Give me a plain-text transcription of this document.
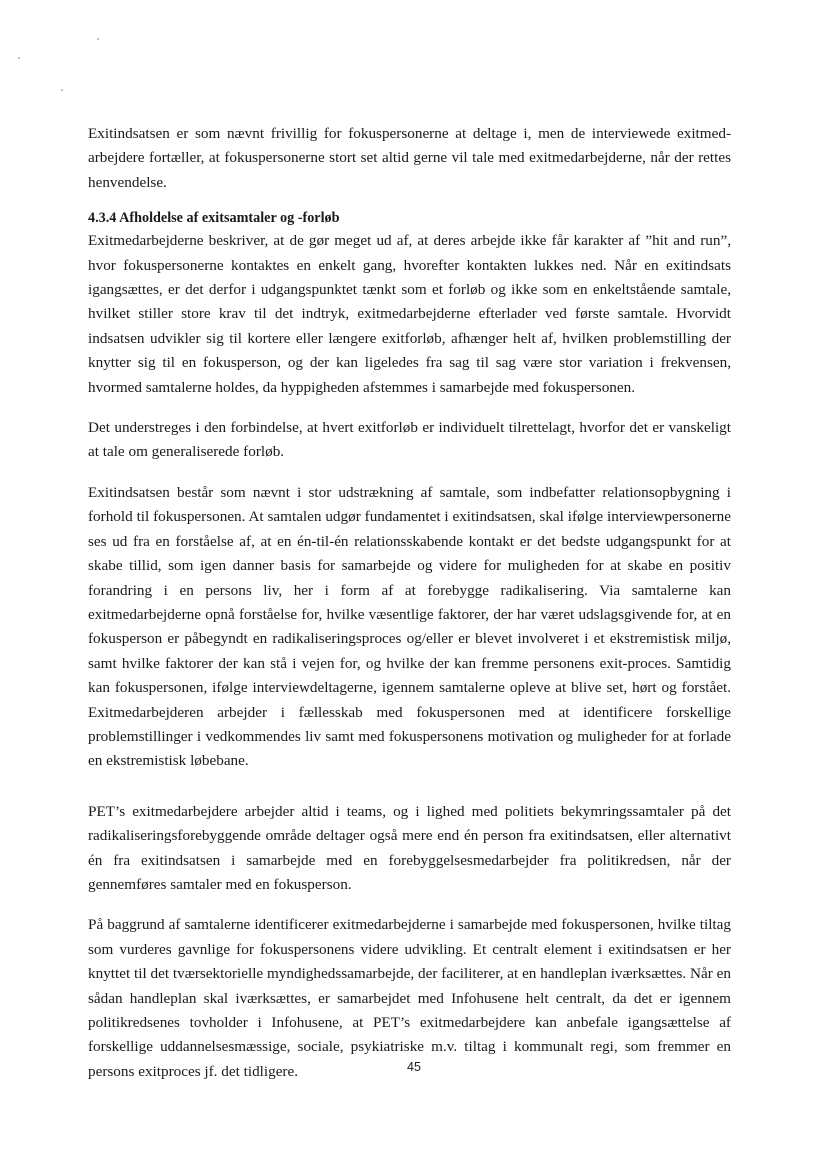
Exitindsatsen er som nævnt frivillig for fokuspersonerne at deltage i, men de interviewede exitmedarbejdere fortæller, at fokuspersonerne stort set altid gerne vil tale med exitmedarbejderne, når der rettes henvendelse.

4.3.4 Afholdelse af exitsamtaler og -forløb

Exitmedarbejderne beskriver, at de gør meget ud af, at deres arbejde ikke får karakter af ”hit and run”, hvor fokuspersonerne kontaktes en enkelt gang, hvorefter kontakten lukkes ned. Når en exitindsats igangsættes, er det derfor i udgangspunktet tænkt som et forløb og ikke som en enkeltstående samtale, hvilket stiller store krav til det indtryk, exitmedarbejderne efterlader ved første samtale. Hvorvidt indsatsen udvikler sig til kortere eller længere exitforløb, afhænger helt af, hvilken problemstilling der knytter sig til en fokusperson, og der kan ligeledes fra sag til sag være stor variation i frekvensen, hvormed samtalerne holdes, da hyppigheden afstemmes i samarbejde med fokuspersonen.

Det understreges i den forbindelse, at hvert exitforløb er individuelt tilrettelagt, hvorfor det er vanskeligt at tale om generaliserede forløb.

Exitindsatsen består som nævnt i stor udstrækning af samtale, som indbefatter relationsopbygning i forhold til fokuspersonen. At samtalen udgør fundamentet i exitindsatsen, skal ifølge interviewpersonerne ses ud fra en forståelse af, at en én-til-én relationsskabende kontakt er det bedste udgangspunkt for at skabe tillid, som igen danner basis for samarbejde og videre for muligheden for at skabe en positiv forandring i en persons liv, her i form af at forebygge radikalisering. Via samtalerne kan exitmedarbejderne opnå forståelse for, hvilke væsentlige faktorer, der har været udslagsgivende for, at en fokusperson er påbegyndt en radikaliseringsproces og/eller er blevet involveret i et ekstremistisk miljø, samt hvilke faktorer der kan stå i vejen for, og hvilke der kan fremme personens exit-proces. Samtidig kan fokuspersonen, ifølge interviewdeltagerne, igennem samtalerne opleve at blive set, hørt og forstået. Exitmedarbejderen arbejder i fællesskab med fokuspersonen med at identificere forskellige problemstillinger i vedkommendes liv samt med fokuspersonens motivation og muligheder for at forlade en ekstremistisk løbebane.

PET’s exitmedarbejdere arbejder altid i teams, og i lighed med politiets bekymringssamtaler på det radikaliseringsforebyggende område deltager også mere end én person fra exitindsatsen, eller alternativt én fra exitindsatsen i samarbejde med en forebyggelsesmedarbejder fra politikredsen, når der gennemføres samtaler med en fokusperson.

På baggrund af samtalerne identificerer exitmedarbejderne i samarbejde med fokuspersonen, hvilke tiltag som vurderes gavnlige for fokuspersonens videre udvikling. Et centralt element i exitindsatsen er her knyttet til det tværsektorielle myndighedssamarbejde, der faciliterer, at en handleplan iværksættes. Når en sådan handleplan skal iværksættes, er samarbejdet med Infohusene helt centralt, da det er igennem politikredsenes tovholder i Infohusene, at PET’s exitmedarbejdere kan anbefale igangsættelse af forskellige uddannelsesmæssige, sociale, psykiatriske m.v. tiltag i kommunalt regi, som fremmer en persons exitproces jf. det tidligere.	45
